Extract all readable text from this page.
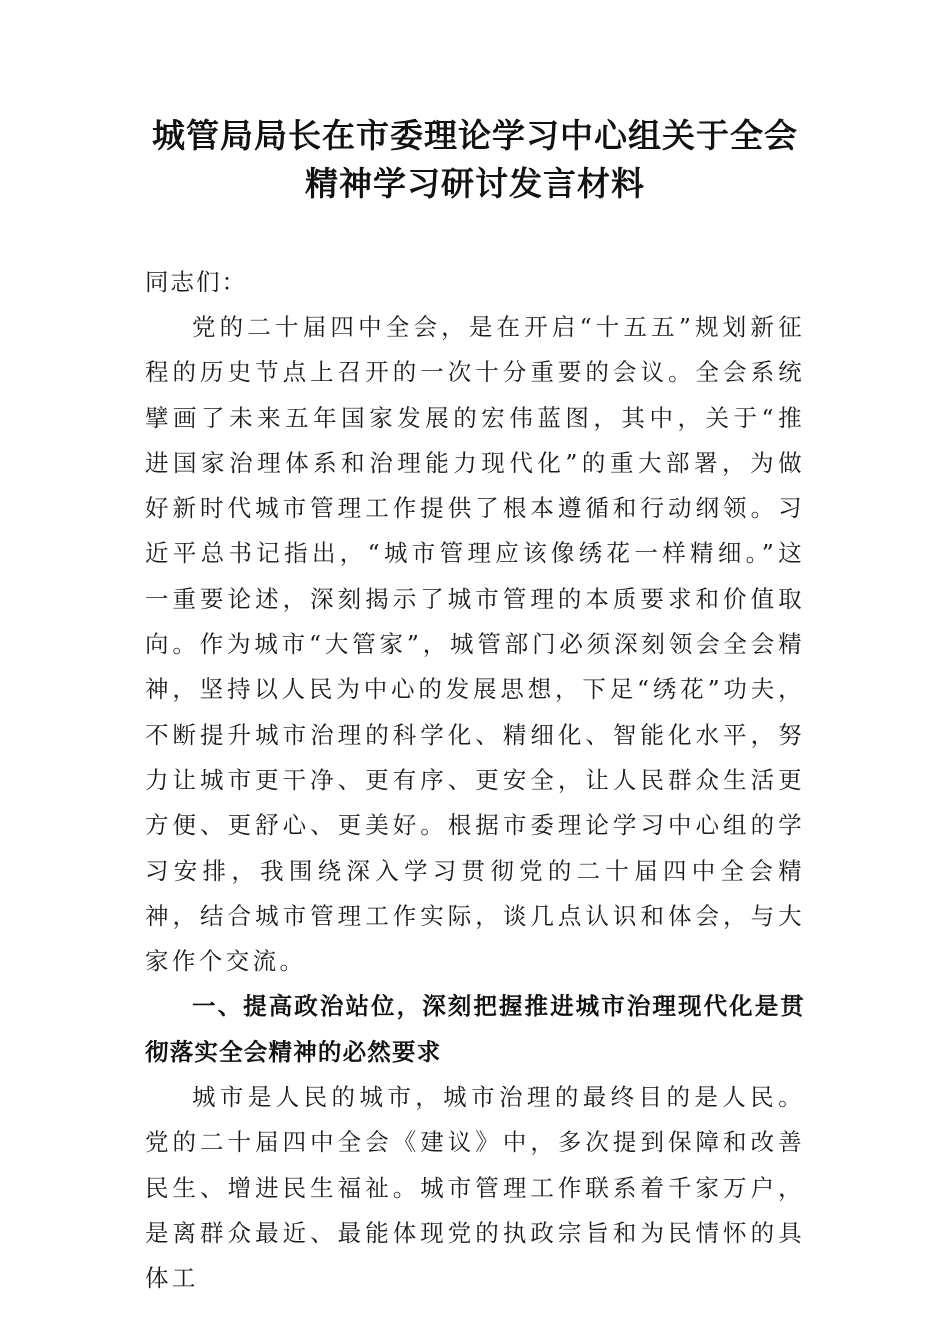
城管局局长在市委理论学习中心组关于全会精神学习研讨发言材料

同志们：

党的二十届四中全会，是在开启“十五五”规划新征程的历史节点上召开的一次十分重要的会议。全会系统擘画了未来五年国家发展的宏伟蓝图，其中，关于“推进国家治理体系和治理能力现代化”的重大部署，为做好新时代城市管理工作提供了根本遵循和行动纲领。习近平总书记指出，“城市管理应该像绣花一样精细。”这一重要论述，深刻揭示了城市管理的本质要求和价值取向。作为城市“大管家”，城管部门必须深刻领会全会精神，坚持以人民为中心的发展思想，下足“绣花”功夫，不断提升城市治理的科学化、精细化、智能化水平，努力让城市更干净、更有序、更安全，让人民群众生活更方便、更舒心、更美好。根据市委理论学习中心组的学习安排，我围绕深入学习贯彻党的二十届四中全会精神，结合城市管理工作实际，谈几点认识和体会，与大家作个交流。

一、提高政治站位，深刻把握推进城市治理现代化是贯彻落实全会精神的必然要求

城市是人民的城市，城市治理的最终目的是人民。党的二十届四中全会《建议》中，多次提到保障和改善民生、增进民生福祉。城市管理工作联系着千家万户，是离群众最近、最能体现党的执政宗旨和为民情怀的具体工
